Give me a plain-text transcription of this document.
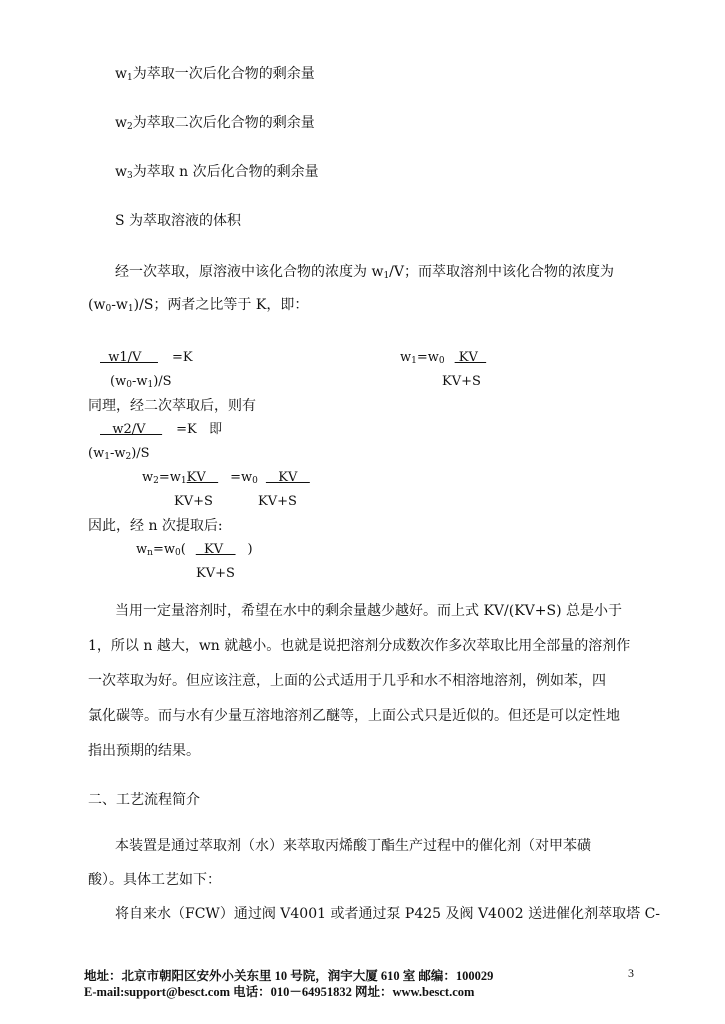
$w_1$为萃取一次后化合物的剩余量
$w_2$为萃取二次后化合物的剩余量
$w_3$为萃取 n 次后化合物的剩余量
S 为萃取溶液的体积
经一次萃取，原溶液中该化合物的浓度为 $w_1/V$；而萃取溶剂中该化合物的浓度为
$(w_0-w_1)/S$；两者之比等于 K，即：
w1/V    =K
$(w_0-w_1)/S$
$w_1=w_0$ KV
KV+S
同理，经二次萃取后，则有
w2/V    =K   即
$(w_1-w_2)/S$
$w_2=w_1KV =w_0$   KV
KV+S	KV+S
因此，经 n 次提取后:
$w_n=w_0$(  KV   )
KV+S
当用一定量溶剂时，希望在水中的剩余量越少越好。而上式 KV/(KV+S) 总是小于
1，所以 n 越大，wn 就越小。也就是说把溶剂分成数次作多次萃取比用全部量的溶剂作
一次萃取为好。但应该注意，上面的公式适用于几乎和水不相溶地溶剂，例如苯，四
氯化碳等。而与水有少量互溶地溶剂乙醚等，上面公式只是近似的。但还是可以定性地
指出预期的结果。
二、工艺流程简介
本装置是通过萃取剂（水）来萃取丙烯酸丁酯生产过程中的催化剂（对甲苯磺
酸）。具体工艺如下：
将自来水（FCW）通过阀 V4001 或者通过泵 P425 及阀 V4002 送进催化剂萃取塔 C-
地址：北京市朝阳区安外小关东里 10 号院，润宇大厦 610 室 邮编：100029
E-mail:support@besct.com 电话：010－64951832 网址：www.besct.com
3
